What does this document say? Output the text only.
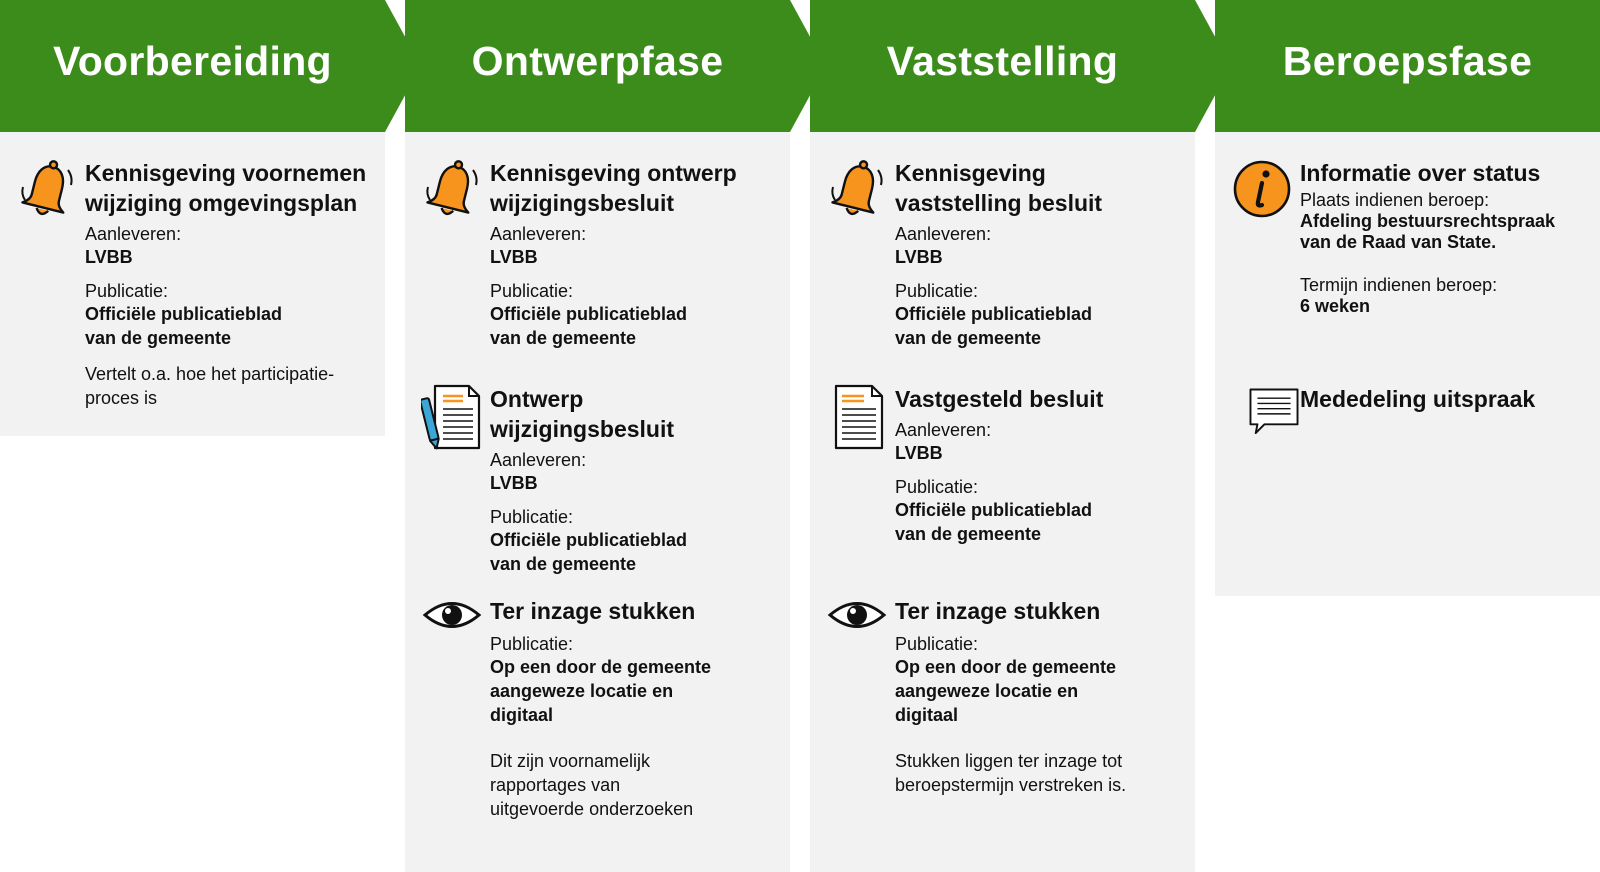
Voorbereiding
Kennisgeving voornemen
wijziging omgevingsplan
Aanleveren:
LVBB
Publicatie:
Officiële publicatieblad
van de gemeente
Vertelt o.a. hoe het participatie-
proces is
Ontwerpfase
Kennisgeving ontwerp
wijzigingsbesluit
Aanleveren:
LVBB
Publicatie:
Officiële publicatieblad
van de gemeente
Ontwerp
wijzigingsbesluit
Aanleveren:
LVBB
Publicatie:
Officiële publicatieblad
van de gemeente
Ter inzage stukken
Publicatie:
Op een door de gemeente
aangeweze locatie en
digitaal
Dit zijn voornamelijk
rapportages van
uitgevoerde onderzoeken
Vaststelling
Kennisgeving
vaststelling besluit
Aanleveren:
LVBB
Publicatie:
Officiële publicatieblad
van de gemeente
Vastgesteld besluit
Aanleveren:
LVBB
Publicatie:
Officiële publicatieblad
van de gemeente
Ter inzage stukken
Publicatie:
Op een door de gemeente
aangeweze locatie en
digitaal
Stukken liggen ter inzage tot
beroepstermijn verstreken is.
Beroepsfase
Informatie over status
Plaats indienen beroep:
Afdeling bestuursrechtspraak
van de Raad van State.
Termijn indienen beroep:
6 weken
Mededeling uitspraak
